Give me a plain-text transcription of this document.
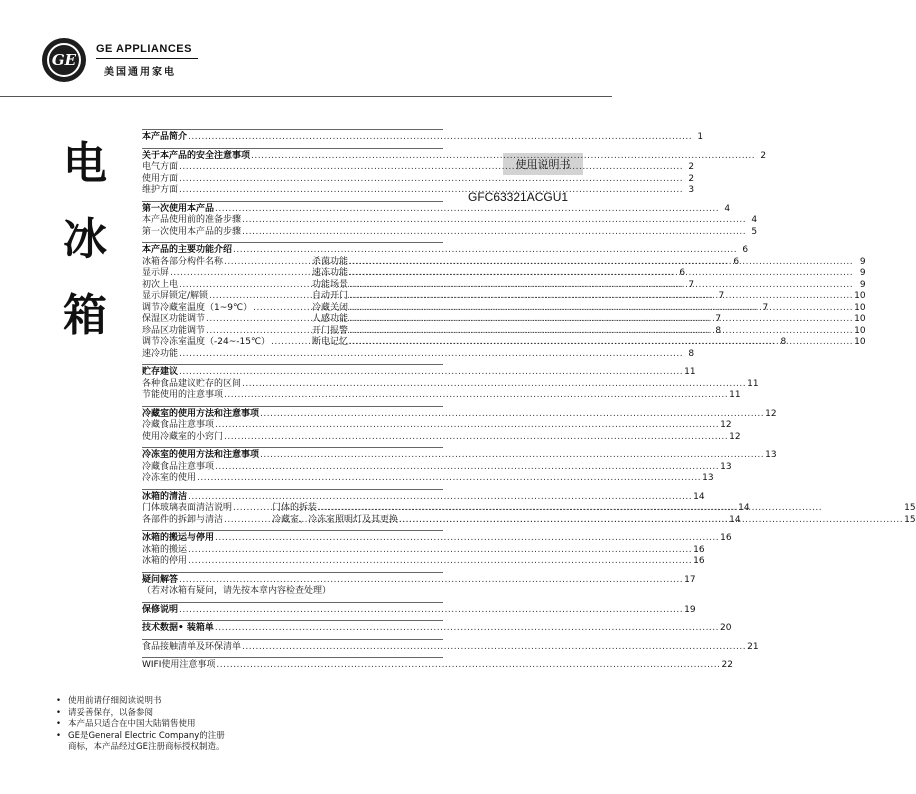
GE
GE APPLIANCES
美国通用家电
电
冰
箱
使用说明书
GFC63321ACGU1
本产品简介 .....	1
关于本产品的安全注意事项 .....	2
电气方面 .....	2
使用方面 .....	2
维护方面 .....	3
第一次使用本产品 .....	4
本产品使用前的准备步骤 .....	4
第一次使用本产品的步骤 .....	5
本产品的主要功能介绍 .....	6
冰箱各部分构件名称 .....	6
显示屏 .....	6
初次上电 .....	7
显示屏锁定/解锁 .....	7
调节冷藏室温度（1~9℃） .....	7
保湿区功能调节 .....	7
珍品区功能调节 .....	8
调节冷冻室温度（-24~-15℃） .....	8
速冷功能 .....	8
杀菌功能 .....	9
速冻功能 .....	9
功能场景 .....	9
自动开门 .....	10
冷藏关闭 .....	10
人感功能 .....	10
开门报警 .....	10
断电记忆 .....	10
贮存建议 .....	11
各种食品建议贮存的区间 .....	11
节能使用的注意事项 .....	11
冷藏室的使用方法和注意事项 .....	12
冷藏食品注意事项 .....	12
使用冷藏室的小窍门 .....	12
冷冻室的使用方法和注意事项 .....	13
冷藏食品注意事项 .....	13
冷冻室的使用 .....	13
冰箱的清洁 .....	14
门体玻璃表面清洁说明 .....	14
各部件的拆卸与清洁 .....	14
门体的拆装 .....	15
冷藏室、冷冻室照明灯及其更换 .....	15
冰箱的搬运与停用 .....	16
冰箱的搬运 .....	16
冰箱的停用 .....	16
疑问解答 .....	17
（若对冰箱有疑问，请先按本章内容检查处理）
保修说明 .....	19
技术数据• 装箱单 .....	20
食品接触清单及环保清单 .....	21
WIFI使用注意事项 .....	22
• 使用前请仔细阅读说明书
• 请妥善保存，以备参阅
• 本产品只适合在中国大陆销售使用
• GE是General Electric Company的注册
商标，本产品经过GE注册商标授权制造。
